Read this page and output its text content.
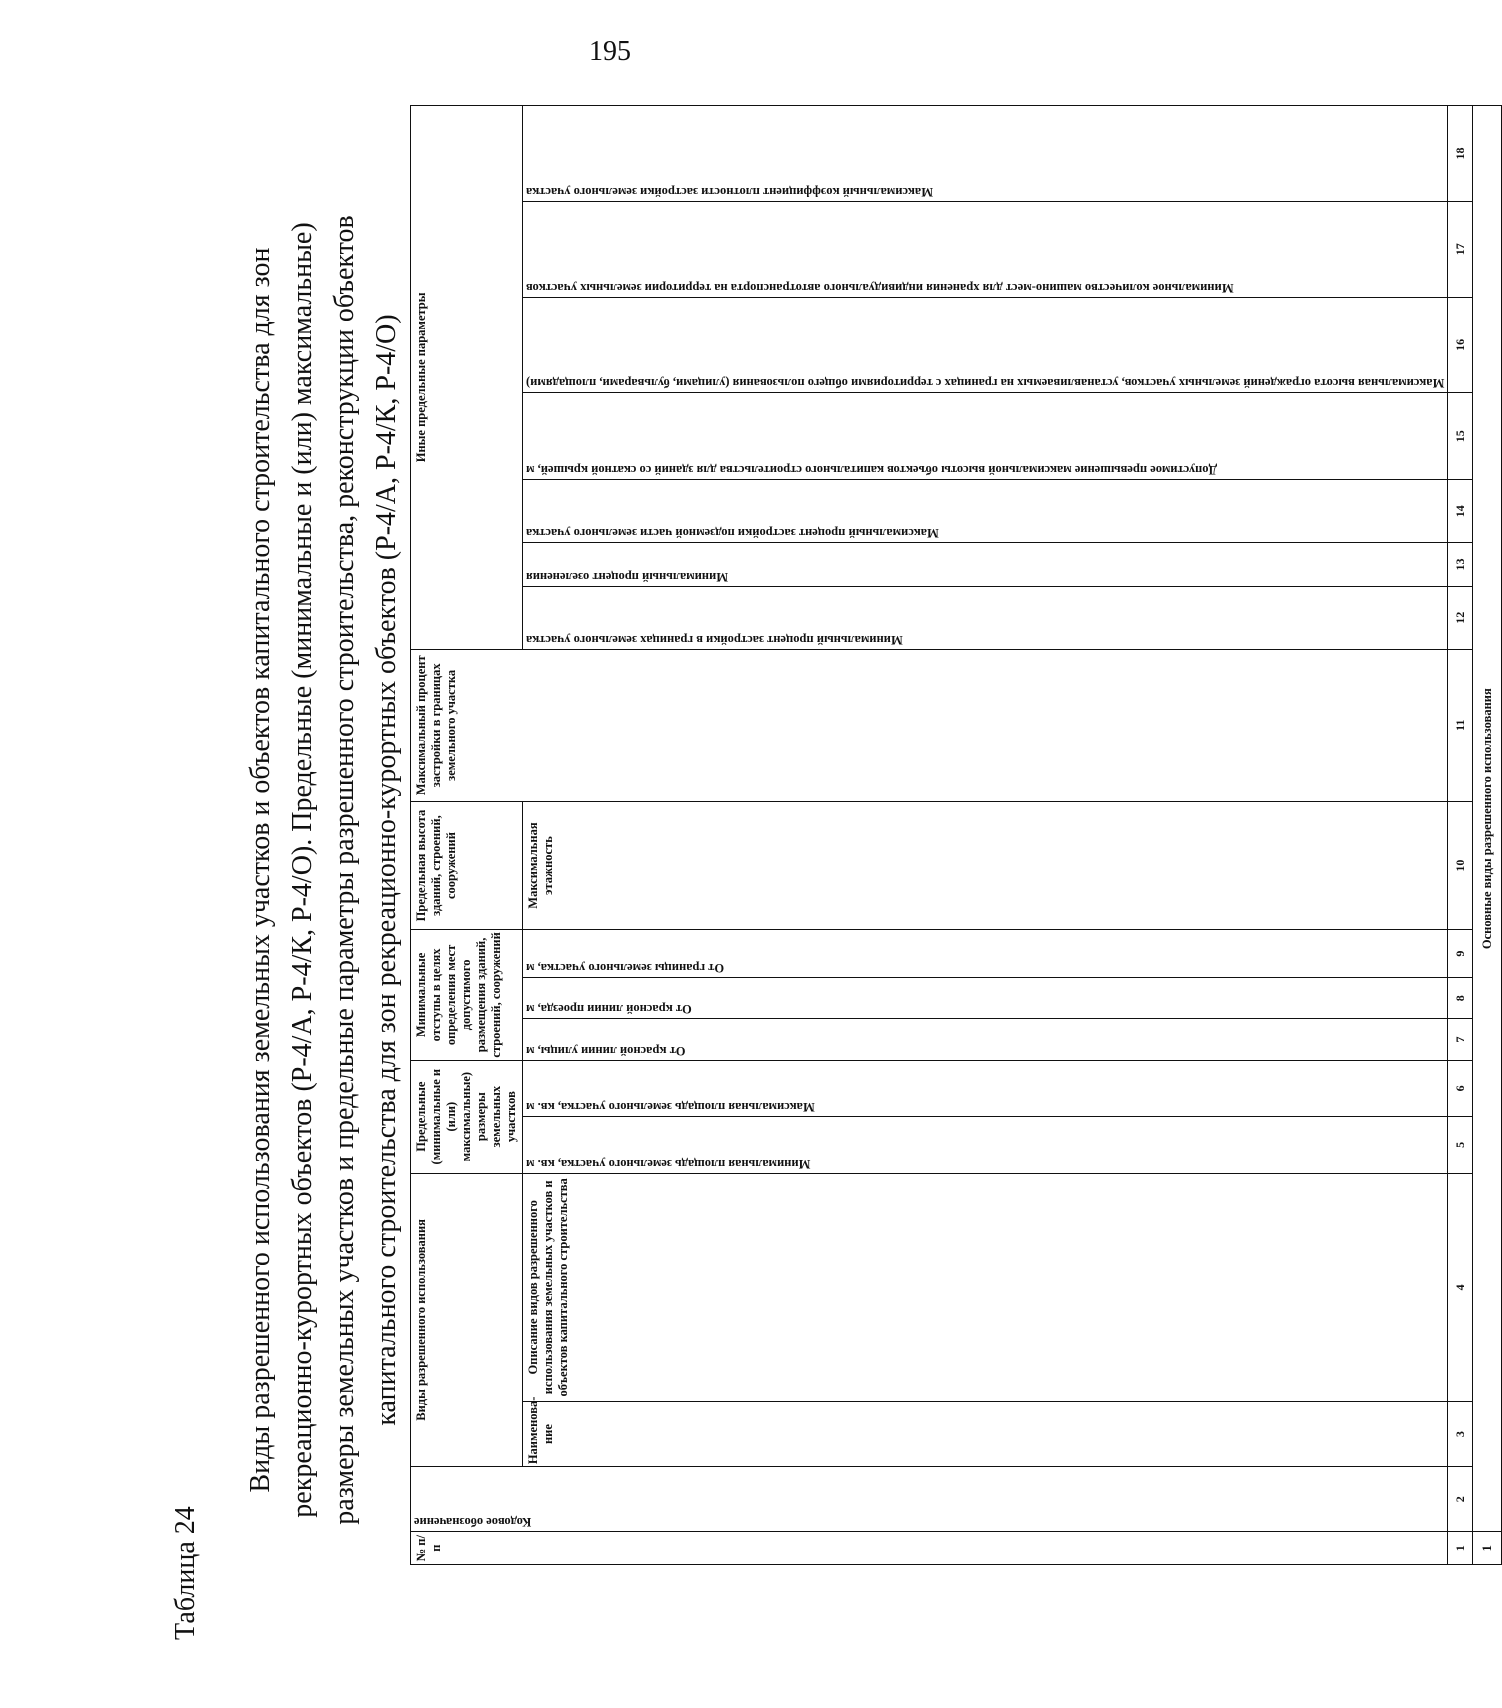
195
Таблица 24
Виды разрешенного использования земельных участков и объектов капитального строительства для зон рекреационно-курортных объектов (Р-4/А, Р-4/К, Р-4/О). Предельные (минимальные и (или) максимальные) размеры земельных участков и предельные параметры разрешенного строительства, реконструкции объектов капитального строительства для зон рекреационно-курортных объектов (Р-4/А, Р-4/К, Р-4/О)
№ п/п	Кодовое обозначение	Виды разрешенного использования		Предельные (минимальные и (или) максимальные) размеры земельных участков		Минимальные отступы в целях определения мест допустимого размещения зданий, строений, сооружений			Предельная высота зданий, строений, сооружений	Максимальный процент застройки в границах земельного участка	Иные предельные параметры						
		Наименова-ние	Описание видов разрешенного использования земельных участков и объектов капитального строительства	Минимальная площадь земельного участка, кв. м	Максимальная площадь земельного участка, кв. м	От красной линии улицы, м	От красной линии проезда, м	От границы земельного участка, м	Максимальная этажность		Минимальный процент застройки в границах земельного участка	Минимальный процент озеленения	Максимальный процент застройки подземной части земельного участка	Допустимое превышение максимальной высоты объектов капитального строительства для зданий со скатной крышей, м	Максимальная высота ограждений земельных участков, устанавливаемых на границах с территориями общего пользования (улицами, бульварами, площадями)	Минимальное количество машино-мест для хранения индивидуального автотранспорта на территории земельных участков	Максимальный коэффициент плотности застройки земельного участка

1	2	3	4	5	6	7	8	9	10	11	12	13	14	15	16	17	18
1	Основные виды разрешенного использования																
